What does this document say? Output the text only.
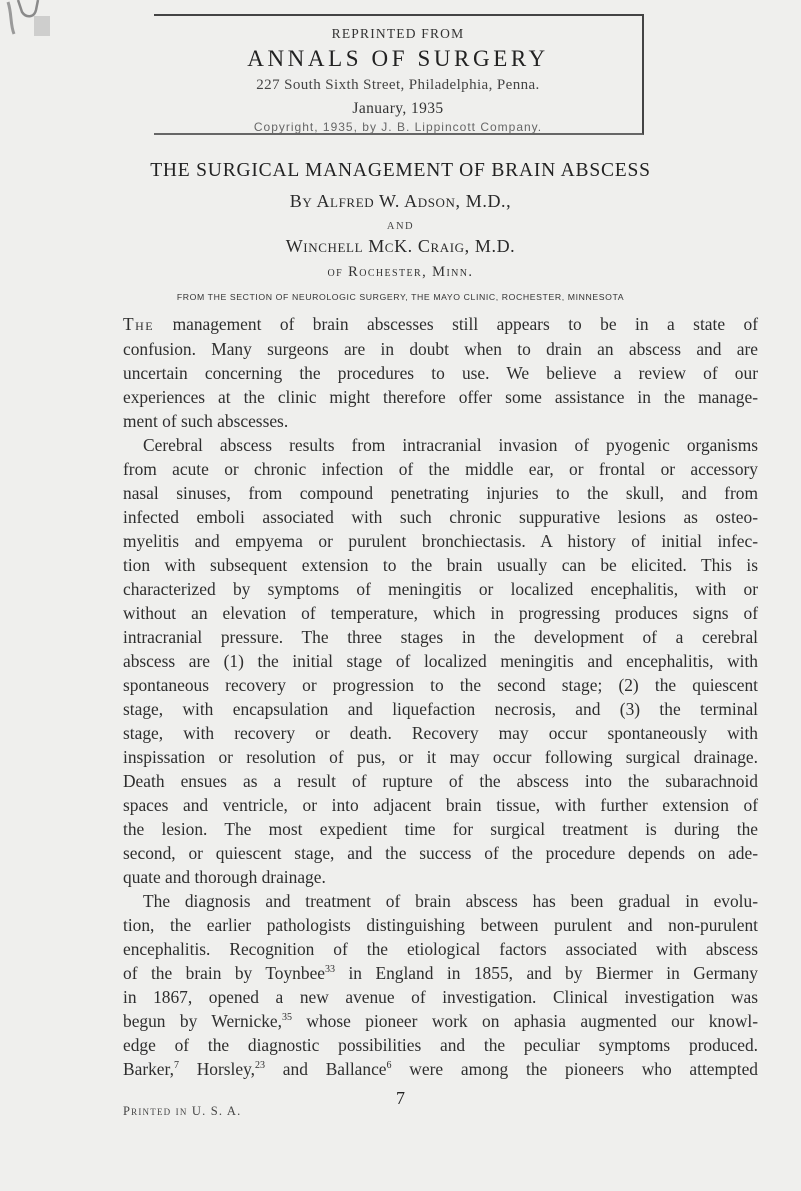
REPRINTED FROM
ANNALS OF SURGERY
227 South Sixth Street, Philadelphia, Penna.
January, 1935
Copyright, 1935, by J. B. Lippincott Company.
THE SURGICAL MANAGEMENT OF BRAIN ABSCESS
By Alfred W. Adson, M.D.,
AND
Winchell McK. Craig, M.D.
of Rochester, Minn.
FROM THE SECTION OF NEUROLOGIC SURGERY, THE MAYO CLINIC, ROCHESTER, MINNESOTA
The management of brain abscesses still appears to be in a state of
confusion. Many surgeons are in doubt when to drain an abscess and are
uncertain concerning the procedures to use. We believe a review of our
experiences at the clinic might therefore offer some assistance in the manage-
ment of such abscesses.
Cerebral abscess results from intracranial invasion of pyogenic organisms
from acute or chronic infection of the middle ear, or frontal or accessory
nasal sinuses, from compound penetrating injuries to the skull, and from
infected emboli associated with such chronic suppurative lesions as osteo-
myelitis and empyema or purulent bronchiectasis. A history of initial infec-
tion with subsequent extension to the brain usually can be elicited. This is
characterized by symptoms of meningitis or localized encephalitis, with or
without an elevation of temperature, which in progressing produces signs of
intracranial pressure. The three stages in the development of a cerebral
abscess are (1) the initial stage of localized meningitis and encephalitis, with
spontaneous recovery or progression to the second stage; (2) the quiescent
stage, with encapsulation and liquefaction necrosis, and (3) the terminal
stage, with recovery or death. Recovery may occur spontaneously with
inspissation or resolution of pus, or it may occur following surgical drainage.
Death ensues as a result of rupture of the abscess into the subarachnoid
spaces and ventricle, or into adjacent brain tissue, with further extension of
the lesion. The most expedient time for surgical treatment is during the
second, or quiescent stage, and the success of the procedure depends on ade-
quate and thorough drainage.
The diagnosis and treatment of brain abscess has been gradual in evolu-
tion, the earlier pathologists distinguishing between purulent and non-purulent
encephalitis. Recognition of the etiological factors associated with abscess
of the brain by Toynbee$^{33}$ in England in 1855, and by Biermer in Germany
in 1867, opened a new avenue of investigation. Clinical investigation was
begun by Wernicke,$^{35}$ whose pioneer work on aphasia augmented our knowl-
edge of the diagnostic possibilities and the peculiar symptoms produced.
Barker,$^7$ Horsley,$^{23}$ and Ballance$^6$ were among the pioneers who attempted
7
Printed in U. S. A.
